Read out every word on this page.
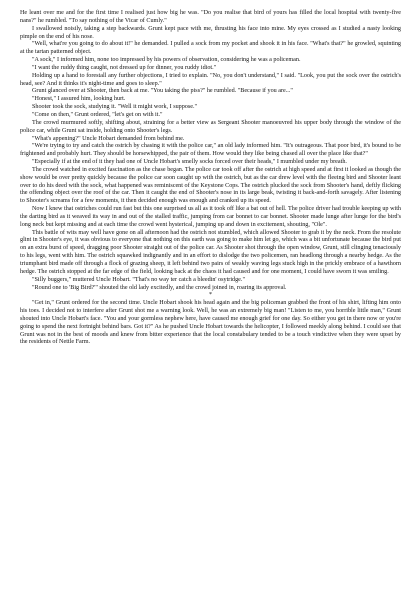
He leant over me and for the first time I realised just how big he was. "Do you realise that bird of yours has filled the local hospital with twenty-five nans?" he rumbled. "To say nothing of the Vicar of Cumly."

I swallowed noisily, taking a step backwards. Grunt kept pace with me, thrusting his face into mine. My eyes crossed as I studied a nasty looking pimple on the end of his nose.

"Well, what're you going to do about it!" he demanded. I pulled a sock from my pocket and shook it in his face. "What's that?" he growled, squinting at the tartan patterned object.

"A sock," I informed him, none too impressed by his powers of observation, considering he was a policeman.

"I want the ruddy thing caught, not dressed up for dinner, you ruddy idiot."

Holding up a hand to forestall any further objections, I tried to explain. "No, you don't understand," I said. "Look, you put the sock over the ostrich's head, see? And it thinks it's night-time and goes to sleep."

Grunt glanced over at Shooter, then back at me. "You taking the piss?" he rumbled. "Because if you are..."

"Honest," I assured him, looking hurt.

Shooter took the sock, studying it. "Well it might work, I suppose."

"Come on then," Grunt ordered, "let's get on with it."

The crowd murmured softly, shifting about, straining for a better view as Sergeant Shooter manoeuvred his upper body through the window of the police car, while Grunt sat inside, holding onto Shooter's legs.

"What's appening?" Uncle Hobart demanded from behind me.

"We're trying to try and catch the ostrich by chasing it with the police car," an old lady informed him. "It's outrageous. That poor bird, it's bound to be frightened and probably hurt. They should be horsewhipped, the pair of them. How would they like being chased all over the place like that?"

"Especially if at the end of it they had one of Uncle Hobart's smelly socks forced over their heads," I mumbled under my breath.

The crowd watched in excited fascination as the chase began. The police car took off after the ostrich at high speed and at first it looked as though the show would be over pretty quickly because the police car soon caught up with the ostrich, but as the car drew level with the fleeing bird and Shooter leant over to do his deed with the sock, what happened was reminiscent of the Keystone Cops. The ostrich plucked the sock from Shooter's hand, deftly flicking the offending object over the roof of the car. Then it caught the end of Shooter's nose in its large beak, twisting it back-and-forth savagely. After listening to Shooter's screams for a few moments, it then decided enough was enough and cranked up its speed.

Now I knew that ostriches could run fast but this one surprised us all as it took off like a bat out of hell. The police driver had trouble keeping up with the darting bird as it weaved its way in and out of the stalled traffic, jumping from car bonnet to car bonnet. Shooter made lunge after lunge for the bird's long neck but kept missing and at each time the crowd went hysterical, jumping up and down in excitement, shouting, "Ole".

This battle of wits may well have gone on all afternoon had the ostrich not stumbled, which allowed Shooter to grab it by the neck. From the resolute glint in Shooter's eye, it was obvious to everyone that nothing on this earth was going to make him let go, which was a bit unfortunate because the bird put on an extra burst of speed, dragging poor Shooter straight out of the police car. As Shooter shot through the open window, Grunt, still clinging tenaciously to his legs, went with him. The ostrich squawked indignantly and in an effort to dislodge the two policemen, ran headlong through a nearby hedge. As the triumphant bird made off through a flock of grazing sheep, it left behind two pairs of weakly waving legs stuck high in the prickly embrace of a hawthorn hedge. The ostrich stopped at the far edge of the field, looking back at the chaos it had caused and for one moment, I could have sworn it was smiling.

"Silly buggers," muttered Uncle Hobart. "That's no way ter catch a bleedin' osytridge."

"Round one to 'Big Bird?'" shouted the old lady excitedly, and the crowd joined in, roaring its approval.

*

"Get in," Grunt ordered for the second time. Uncle Hobart shook his head again and the big policeman grabbed the front of his shirt, lifting him onto his toes. I decided not to interfere after Grunt shot me a warning look. Well, he was an extremely big man! "Listen to me, you horrible little man," Grunt shouted into Uncle Hobart's face. "You and your gormless nephew here, have caused me enough grief for one day. So either you get in there now or you're going to spend the next fortnight behind bars. Got it?" As he pushed Uncle Hobart towards the helicopter, I followed meekly along behind. I could see that Grunt was not in the best of moods and knew from bitter experience that the local constabulary tended to be a touch vindictive when they were upset by the residents of Nettle Farm.
